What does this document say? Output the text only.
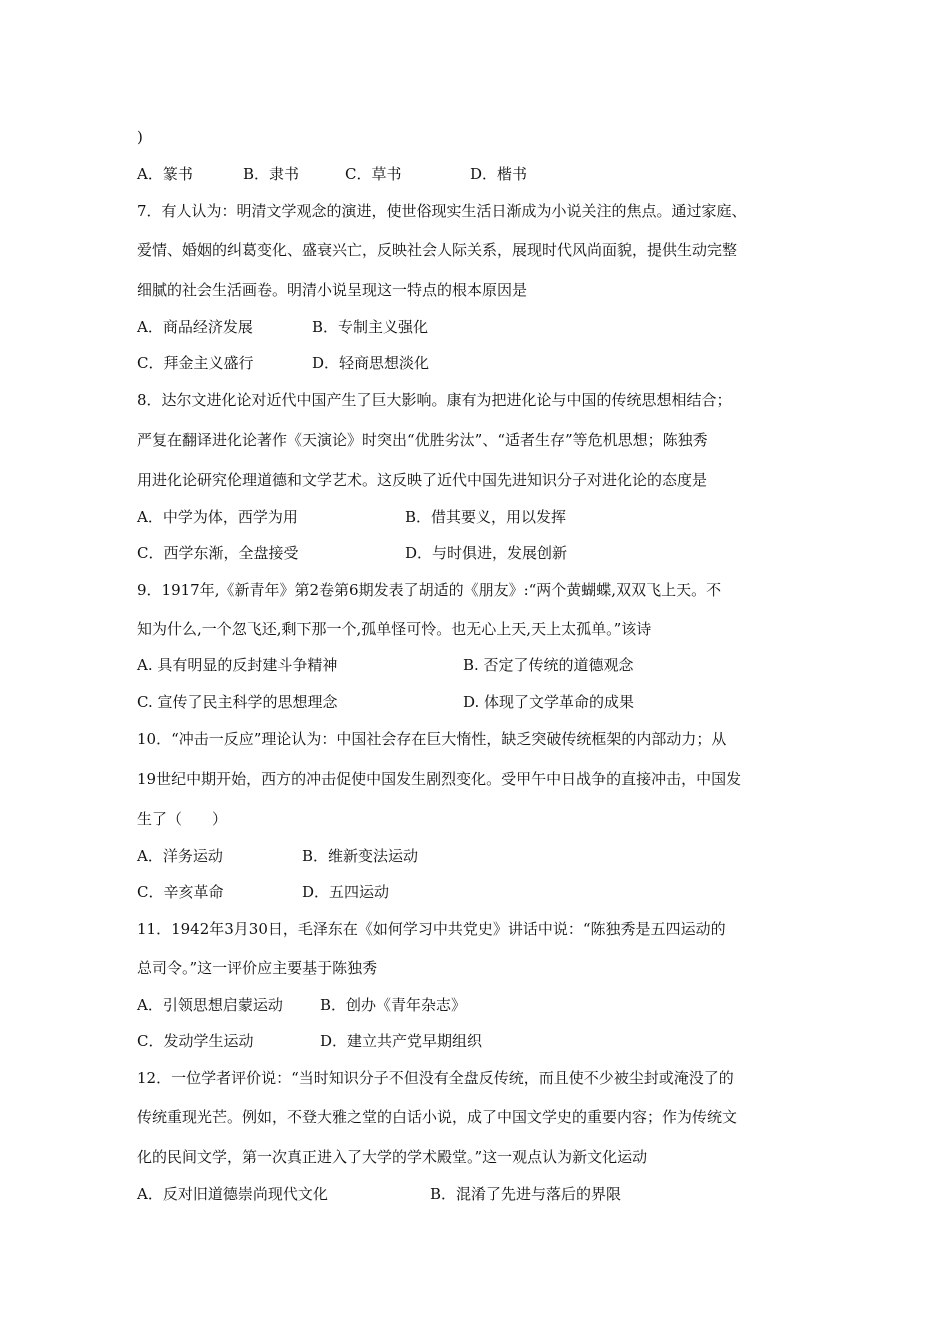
)
A．篆书	B．隶书	C．草书	D．楷书
7．有人认为：明清文学观念的演进，使世俗现实生活日渐成为小说关注的焦点。通过家庭、
爱情、婚姻的纠葛变化、盛衰兴亡，反映社会人际关系，展现时代风尚面貌，提供生动完整
细腻的社会生活画卷。明清小说呈现这一特点的根本原因是
A．商品经济发展	B．专制主义强化
C．拜金主义盛行	D．轻商思想淡化
8．达尔文进化论对近代中国产生了巨大影响。康有为把进化论与中国的传统思想相结合；
严复在翻译进化论著作《天演论》时突出“优胜劣汰”、“适者生存”等危机思想；陈独秀
用进化论研究伦理道德和文学艺术。这反映了近代中国先进知识分子对进化论的态度是
A．中学为体，西学为用	B．借其要义，用以发挥
C．西学东渐，全盘接受	D．与时俱进，发展创新
9．1917年,《新青年》第2卷第6期发表了胡适的《朋友》:“两个黄蝴蝶,双双飞上天。不
知为什么,一个忽飞还,剩下那一个,孤单怪可怜。也无心上天,天上太孤单。”该诗
A. 具有明显的反封建斗争精神	B. 否定了传统的道德观念
C. 宣传了民主科学的思想理念	D. 体现了文学革命的成果
10．“冲击一反应”理论认为：中国社会存在巨大惰性，缺乏突破传统框架的内部动力；从
19世纪中期开始，西方的冲击促使中国发生剧烈变化。受甲午中日战争的直接冲击，中国发
生了（　　）
A．洋务运动	B．维新变法运动
C．辛亥革命	D．五四运动
11．1942年3月30日，毛泽东在《如何学习中共党史》讲话中说：“陈独秀是五四运动的
总司令。”这一评价应主要基于陈独秀
A．引领思想启蒙运动 B．创办《青年杂志》
C．发动学生运动	D．建立共产党早期组织
12．一位学者评价说：“当时知识分子不但没有全盘反传统，而且使不少被尘封或淹没了的
传统重现光芒。例如，不登大雅之堂的白话小说，成了中国文学史的重要内容；作为传统文
化的民间文学，第一次真正进入了大学的学术殿堂。”这一观点认为新文化运动
A．反对旧道德崇尚现代文化	B．混淆了先进与落后的界限
